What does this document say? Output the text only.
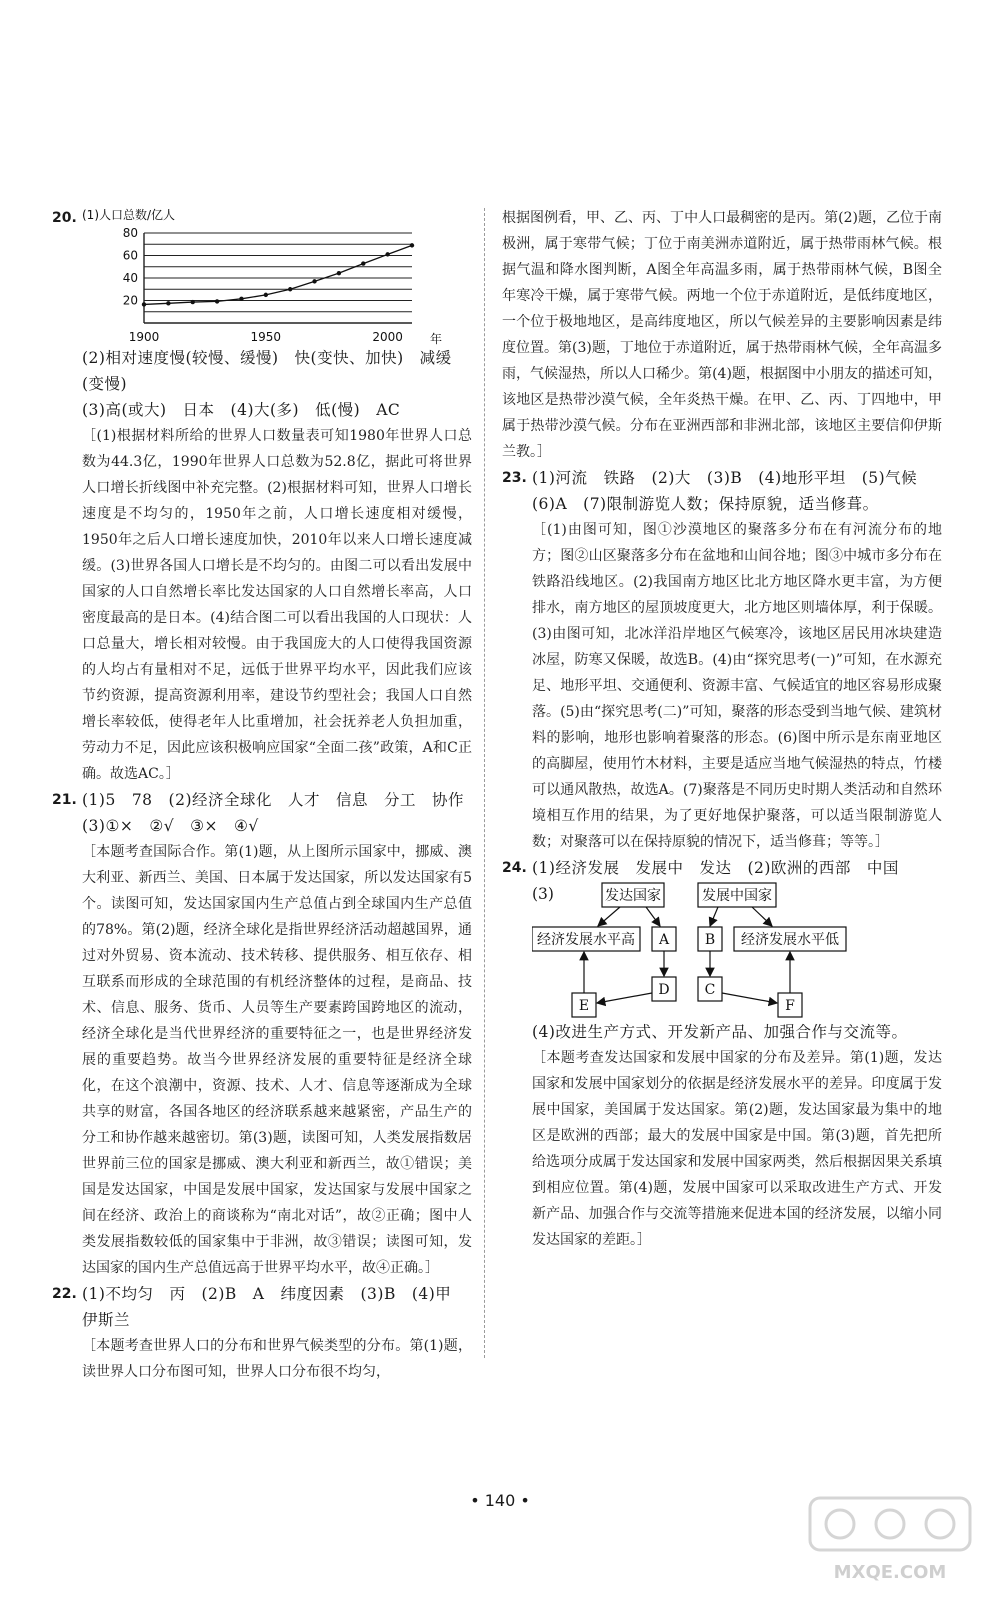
20. (1)人口总数/亿人
20
40
60
80
1900	1950	2000 年

(2)相对速度慢(较慢、缓慢)　快(变快、加快)　减缓(变慢)
(3)高(或大)　日本　(4)大(多)　低(慢)　AC

［(1)根据材料所给的世界人口数量表可知1980年世界人口总数为44.3亿，1990年世界人口总数为52.8亿，据此可将世界人口增长折线图中补充完整。(2)根据材料可知，世界人口增长速度是不均匀的，1950年之前，人口增长速度相对缓慢，1950年之后人口增长速度加快，2010年以来人口增长速度减缓。(3)世界各国人口增长是不均匀的。由图二可以看出发展中国家的人口自然增长率比发达国家的人口自然增长率高，人口密度最高的是日本。(4)结合图二可以看出我国的人口现状：人口总量大，增长相对较慢。由于我国庞大的人口使得我国资源的人均占有量相对不足，远低于世界平均水平，因此我们应该节约资源，提高资源利用率，建设节约型社会；我国人口自然增长率较低，使得老年人比重增加，社会抚养老人负担加重，劳动力不足，因此应该积极响应国家“全面二孩”政策，A和C正确。故选AC。］

21. (1)5　78　(2)经济全球化　人才　信息　分工　协作
(3)①×　②√　③×　④√

［本题考查国际合作。第(1)题，从上图所示国家中，挪威、澳大利亚、新西兰、美国、日本属于发达国家，所以发达国家有5个。读图可知，发达国家国内生产总值占到全球国内生产总值的78%。第(2)题，经济全球化是指世界经济活动超越国界，通过对外贸易、资本流动、技术转移、提供服务、相互依存、相互联系而形成的全球范围的有机经济整体的过程，是商品、技术、信息、服务、货币、人员等生产要素跨国跨地区的流动，经济全球化是当代世界经济的重要特征之一，也是世界经济发展的重要趋势。故当今世界经济发展的重要特征是经济全球化，在这个浪潮中，资源、技术、人才、信息等逐渐成为全球共享的财富，各国各地区的经济联系越来越紧密，产品生产的分工和协作越来越密切。第(3)题，读图可知，人类发展指数居世界前三位的国家是挪威、澳大利亚和新西兰，故①错误；美国是发达国家，中国是发展中国家，发达国家与发展中国家之间在经济、政治上的商谈称为“南北对话”，故②正确；图中人类发展指数较低的国家集中于非洲，故③错误；读图可知，发达国家的国内生产总值远高于世界平均水平，故④正确。］

22. (1)不均匀　丙　(2)B　A　纬度因素　(3)B　(4)甲
伊斯兰

［本题考查世界人口的分布和世界气候类型的分布。第(1)题，读世界人口分布图可知，世界人口分布很不均匀，

根据图例看，甲、乙、丙、丁中人口最稠密的是丙。第(2)题，乙位于南极洲，属于寒带气候；丁位于南美洲赤道附近，属于热带雨林气候。根据气温和降水图判断，A图全年高温多雨，属于热带雨林气候，B图全年寒冷干燥，属于寒带气候。两地一个位于赤道附近，是低纬度地区，一个位于极地地区，是高纬度地区，所以气候差异的主要影响因素是纬度位置。第(3)题，丁地位于赤道附近，属于热带雨林气候，全年高温多雨，气候湿热，所以人口稀少。第(4)题，根据图中小朋友的描述可知，该地区是热带沙漠气候，全年炎热干燥。在甲、乙、丙、丁四地中，甲属于热带沙漠气候。分布在亚洲西部和非洲北部，该地区主要信仰伊斯兰教。］

23. (1)河流　铁路　(2)大　(3)B　(4)地形平坦　(5)气候
(6)A　(7)限制游览人数；保持原貌，适当修葺。

［(1)由图可知，图①沙漠地区的聚落多分布在有河流分布的地方；图②山区聚落多分布在盆地和山间谷地；图③中城市多分布在铁路沿线地区。(2)我国南方地区比北方地区降水更丰富，为方便排水，南方地区的屋顶坡度更大，北方地区则墙体厚，利于保暖。(3)由图可知，北冰洋沿岸地区气候寒冷，该地区居民用冰块建造冰屋，防寒又保暖，故选B。(4)由“探究思考(一)”可知，在水源充足、地形平坦、交通便利、资源丰富、气候适宜的地区容易形成聚落。(5)由“探究思考(二)”可知，聚落的形态受到当地气候、建筑材料的影响，地形也影响着聚落的形态。(6)图中所示是东南亚地区的高脚屋，使用竹木材料，主要是适应当地气候湿热的特点，竹楼可以通风散热，故选A。(7)聚落是不同历史时期人类活动和自然环境相互作用的结果，为了更好地保护聚落，可以适当限制游览人数；对聚落可以在保持原貌的情况下，适当修葺；等等。］

24. (1)经济发展　发展中　发达　(2)欧洲的西部　中国

(3)	发达国家	发展中国家
经济发展水平高	经济发展水平低
A	B
C
D
E	F

(4)改进生产方式、开发新产品、加强合作与交流等。

［本题考查发达国家和发展中国家的分布及差异。第(1)题，发达国家和发展中国家划分的依据是经济发展水平的差异。印度属于发展中国家，美国属于发达国家。第(2)题，发达国家最为集中的地区是欧洲的西部；最大的发展中国家是中国。第(3)题，首先把所给选项分成属于发达国家和发展中国家两类，然后根据因果关系填到相应位置。第(4)题，发展中国家可以采取改进生产方式、开发新产品、加强合作与交流等措施来促进本国的经济发展，以缩小同发达国家的差距。］

• 140 •
MXQE.COM
